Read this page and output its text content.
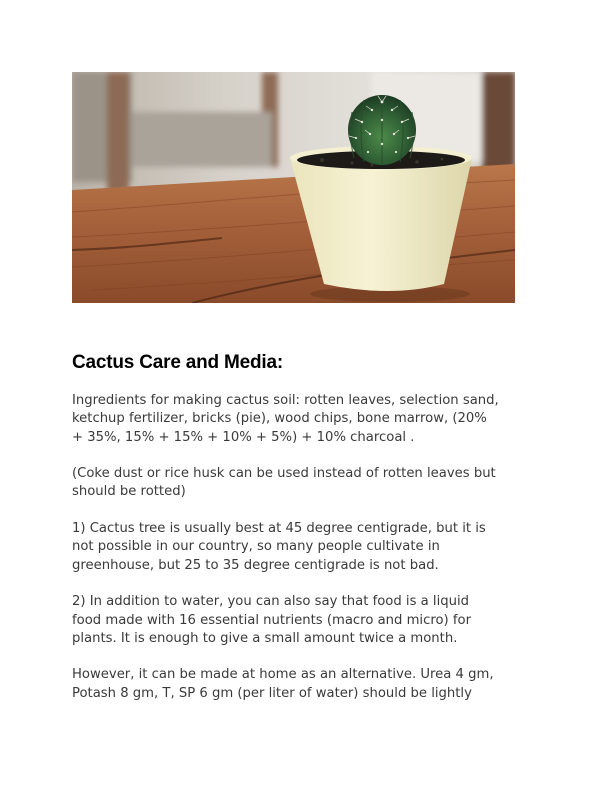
Cactus Care and Media:

Ingredients for making cactus soil: rotten leaves, selection sand,
ketchup fertilizer, bricks (pie), wood chips, bone marrow, (20%
+ 35%, 15% + 15% + 10% + 5%) + 10% charcoal .

(Coke dust or rice husk can be used instead of rotten leaves but
should be rotted)

1) Cactus tree is usually best at 45 degree centigrade, but it is
not possible in our country, so many people cultivate in
greenhouse, but 25 to 35 degree centigrade is not bad.

2) In addition to water, you can also say that food is a liquid
food made with 16 essential nutrients (macro and micro) for
plants. It is enough to give a small amount twice a month.

However, it can be made at home as an alternative. Urea 4 gm,
Potash 8 gm, T, SP 6 gm (per liter of water) should be lightly
